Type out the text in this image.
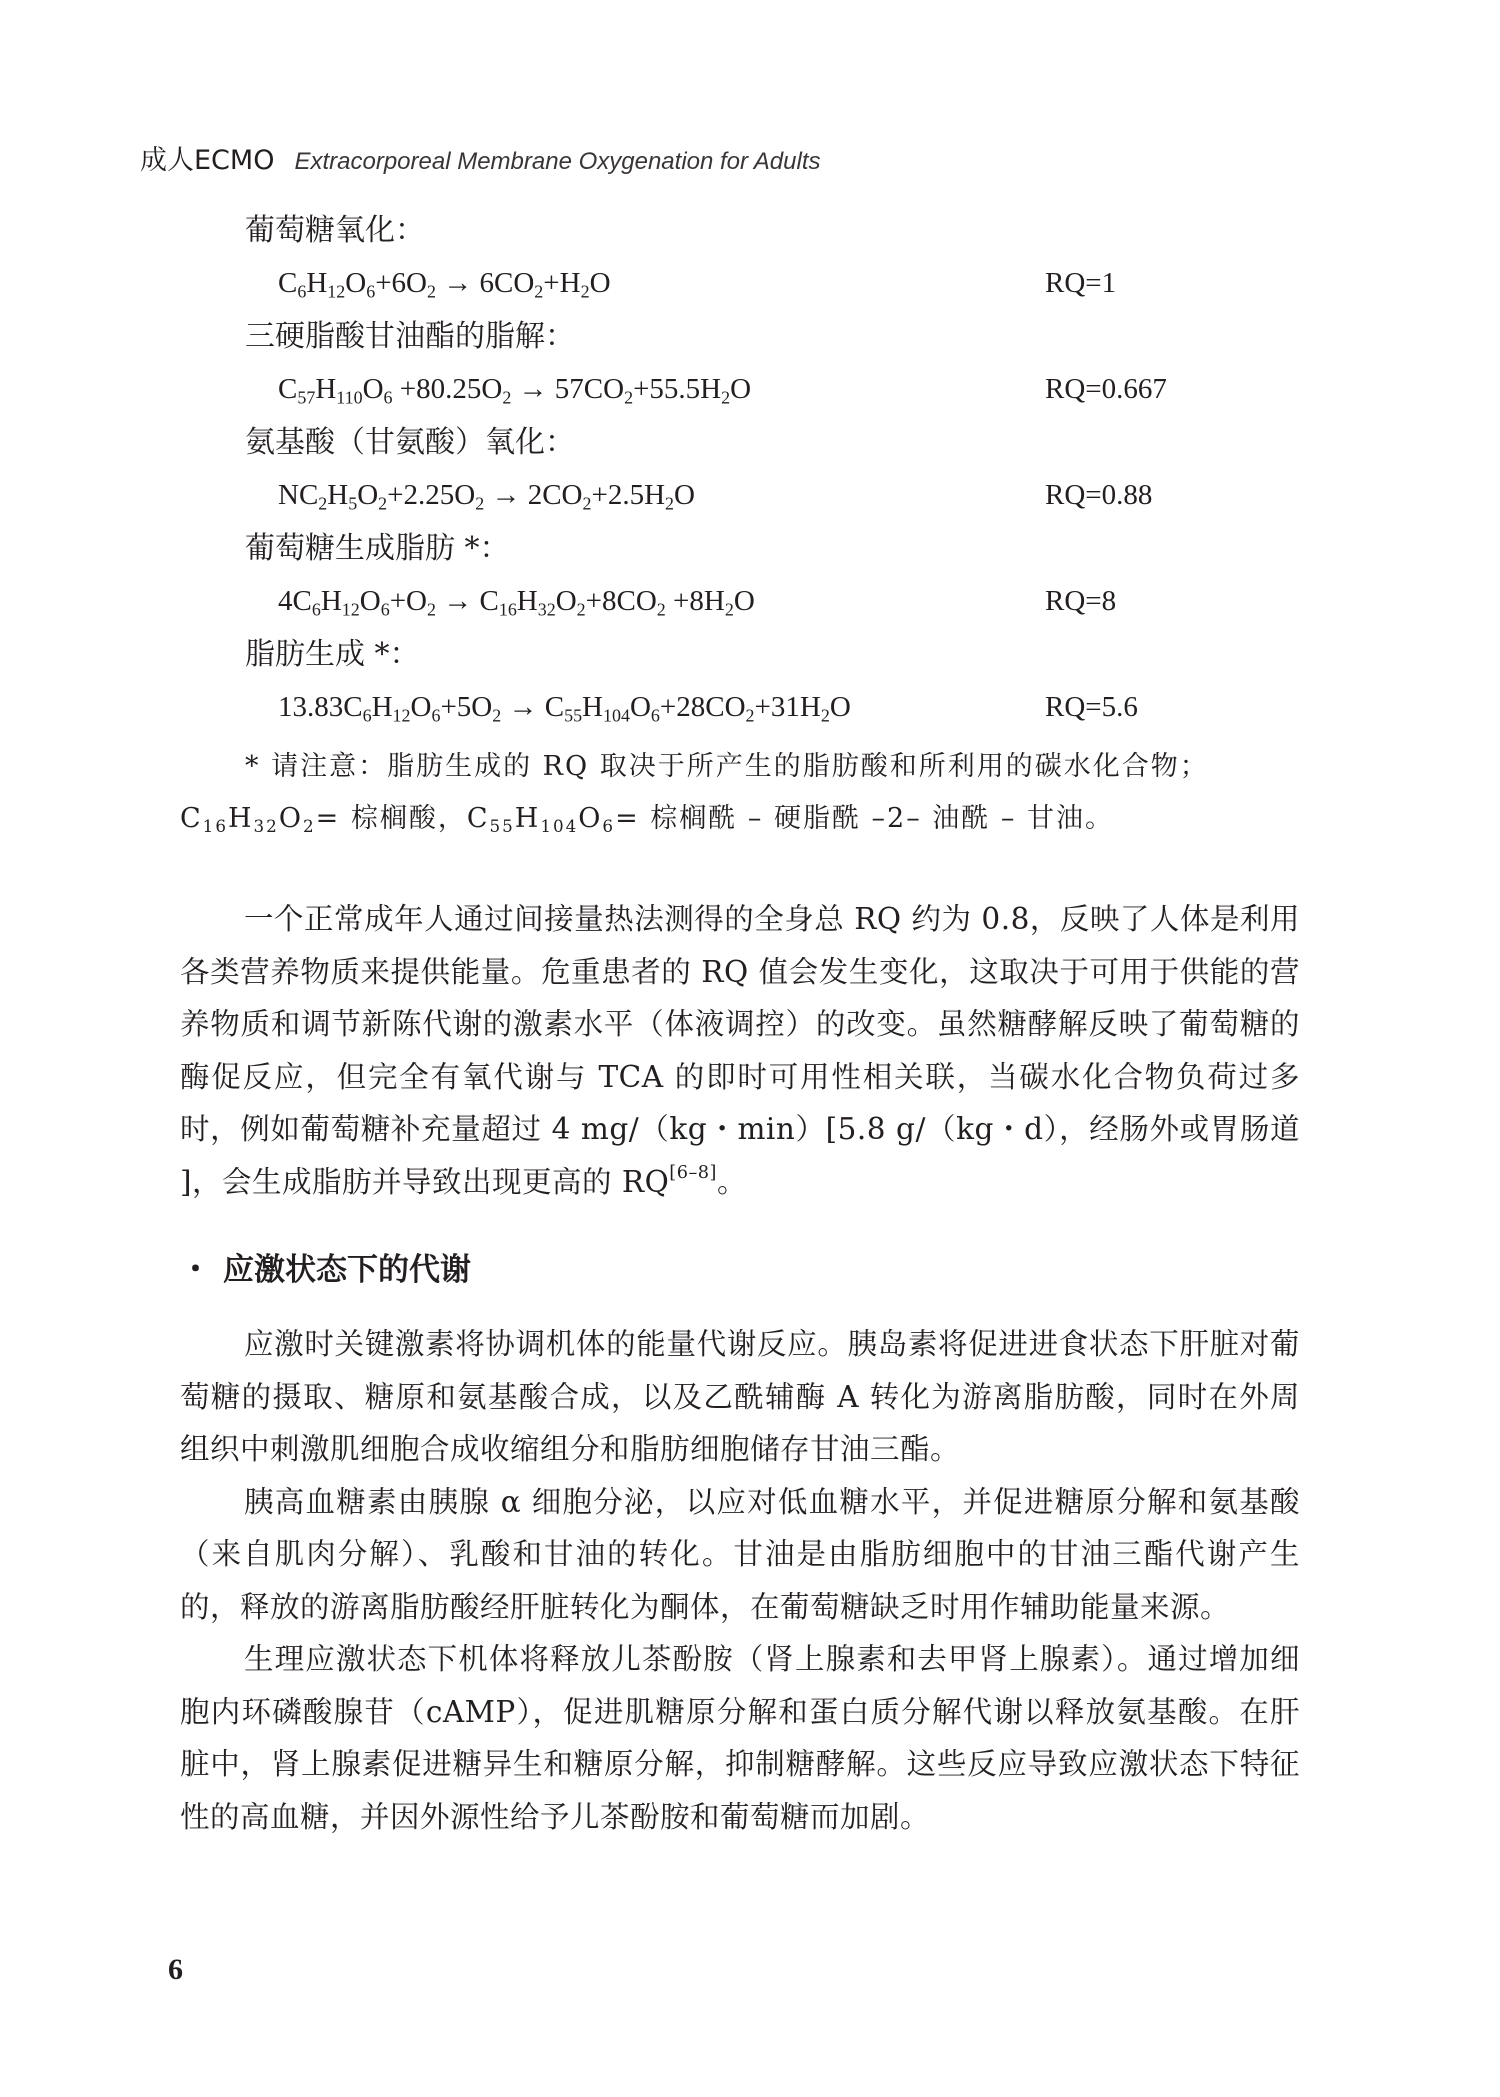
成人ECMO Extracorporeal Membrane Oxygenation for Adults
葡萄糖氧化：
$C_6H_{12}O_6+6O_2 \to 6CO_2+H_2O$	RQ=1
三硬脂酸甘油酯的脂解：
$C_{57}H_{110}O_6 +80.25O_2 \to 57CO_2+55.5H_2O$	RQ=0.667
氨基酸（甘氨酸）氧化：
$NC_2H_5O_2+2.25O_2 \to 2CO_2+2.5H_2O$	RQ=0.88
葡萄糖生成脂肪 *：
$4C_6H_{12}O_6+O_2 \to C_{16}H_{32}O_2+8CO_2 +8H_2O$	RQ=8
脂肪生成 *：
$13.83C_6H_{12}O_6+5O_2 \to C_{55}H_{104}O_6+28CO_2+31H_2O$	RQ=5.6

* 请注意：脂肪生成的 RQ 取决于所产生的脂肪酸和所利用的碳水化合物；

$C_{16}H_{32}O_2=$ 棕榈酸，$C_{55}H_{104}O_6=$ 棕榈酰 – 硬脂酰 –2– 油酰 – 甘油。

一个正常成年人通过间接量热法测得的全身总 RQ 约为 0.8，反映了人体是利用各类营养物质来提供能量。危重患者的 RQ 值会发生变化，这取决于可用于供能的营养物质和调节新陈代谢的激素水平（体液调控）的改变。虽然糖酵解反映了葡萄糖的酶促反应，但完全有氧代谢与 TCA 的即时可用性相关联，当碳水化合物负荷过多时，例如葡萄糖补充量超过 4 mg/（kg・min）[5.8 g/（kg・d），经肠外或胃肠道 ]，会生成脂肪并导致出现更高的 RQ[6–8]。

・ 应激状态下的代谢

应激时关键激素将协调机体的能量代谢反应。胰岛素将促进进食状态下肝脏对葡萄糖的摄取、糖原和氨基酸合成，以及乙酰辅酶 A 转化为游离脂肪酸，同时在外周组织中刺激肌细胞合成收缩组分和脂肪细胞储存甘油三酯。

胰高血糖素由胰腺 α 细胞分泌，以应对低血糖水平，并促进糖原分解和氨基酸（来自肌肉分解）、乳酸和甘油的转化。甘油是由脂肪细胞中的甘油三酯代谢产生的，释放的游离脂肪酸经肝脏转化为酮体，在葡萄糖缺乏时用作辅助能量来源。

生理应激状态下机体将释放儿茶酚胺（肾上腺素和去甲肾上腺素）。通过增加细胞内环磷酸腺苷（cAMP），促进肌糖原分解和蛋白质分解代谢以释放氨基酸。在肝脏中，肾上腺素促进糖异生和糖原分解，抑制糖酵解。这些反应导致应激状态下特征性的高血糖，并因外源性给予儿茶酚胺和葡萄糖而加剧。

6
